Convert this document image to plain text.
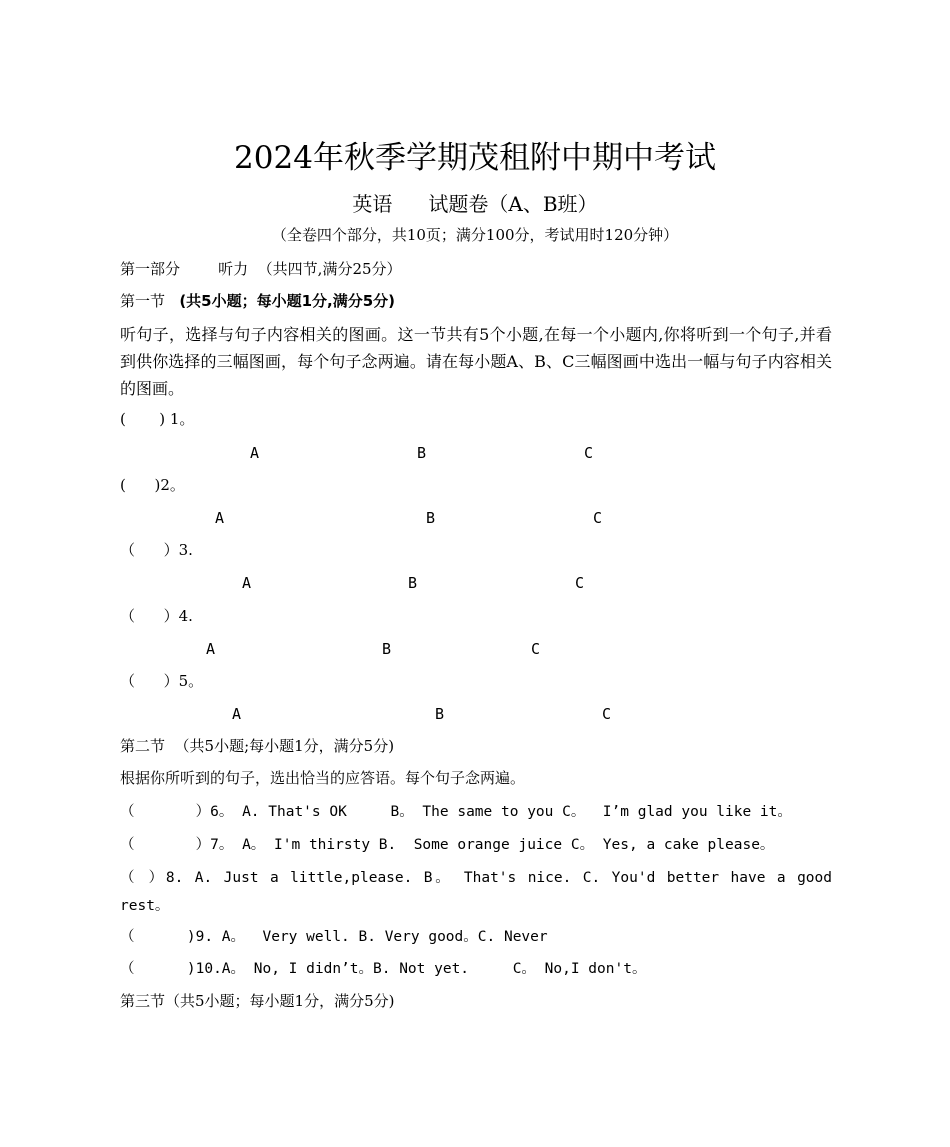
2024年秋季学期茂租附中期中考试
英语 试题卷（A、B班）
（全卷四个部分，共10页；满分100分，考试用时120分钟）
第一部分        听力  （共四节,满分25分）
第一节   (共5小题；每小题1分,满分5分)
听句子，选择与句子内容相关的图画。这一节共有5个小题,在每一个小题内,你将听到一个句子,并看到供你选择的三幅图画，每个句子念两遍。请在每小题A、B、C三幅图画中选出一幅与句子内容相关的图画。
(       ) 1。
A	B	C
(      )2。
A	B	C
（      ）3.
A	B	C
（      ）4.
A	B	C
（      ）5。
A	B	C
第二节  （共5小题;每小题1分，满分5分)
根据你所听到的句子，选出恰当的应答语。每个句子念两遍。
（       ）6。 A. That's OK     B。 The same to you C。  I’m glad you like it。
（       ）7。 A。 I'm thirsty B.  Some orange juice C。 Yes, a cake please。
（ ）8. A. Just a little,please. B。 That's nice. C. You'd better have a good rest。
（      )9. A。  Very well. B. Very good。C. Never
（      )10.A。 No, I didn’t。B. Not yet.     C。 No,I don't。
第三节（共5小题；每小题1分，满分5分)
